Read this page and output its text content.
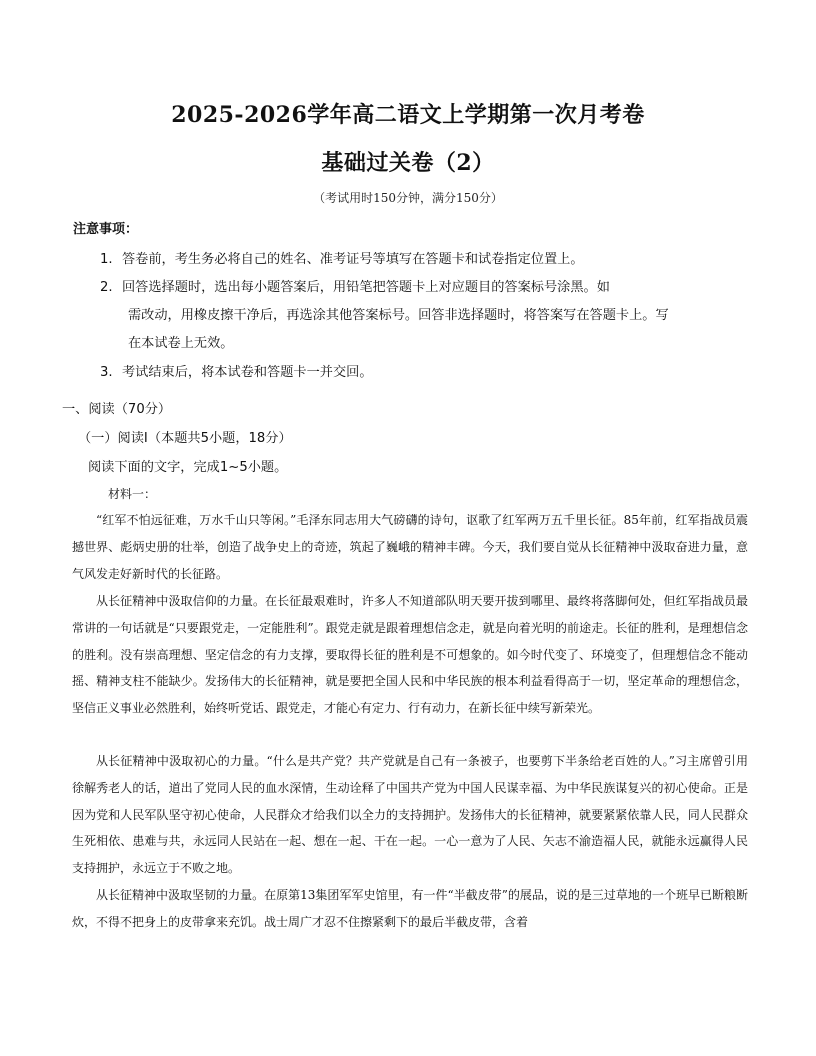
2025-2026学年高二语文上学期第一次月考卷
基础过关卷（2）
（考试用时150分钟，满分150分）
注意事项：
1. 答卷前，考生务必将自己的姓名、准考证号等填写在答题卡和试卷指定位置上。
2. 回答选择题时，选出每小题答案后，用铅笔把答题卡上对应题目的答案标号涂黑。如
需改动，用橡皮擦干净后，再选涂其他答案标号。回答非选择题时，将答案写在答题卡上。写
在本试卷上无效。
3. 考试结束后，将本试卷和答题卡一并交回。
一、阅读（70分）
（一）阅读Ⅰ（本题共5小题，18分）
阅读下面的文字，完成1~5小题。
材料一：
“红军不怕远征难，万水千山只等闲。”毛泽东同志用大气磅礴的诗句，讴歌了红军两万五千里长征。85年前，红军指战员震撼世界、彪炳史册的壮举，创造了战争史上的奇迹，筑起了巍峨的精神丰碑。今天，我们要自觉从长征精神中汲取奋进力量，意气风发走好新时代的长征路。
从长征精神中汲取信仰的力量。在长征最艰难时，许多人不知道部队明天要开拔到哪里、最终将落脚何处，但红军指战员最常讲的一句话就是“只要跟党走，一定能胜利”。跟党走就是跟着理想信念走，就是向着光明的前途走。长征的胜利，是理想信念的胜利。没有崇高理想、坚定信念的有力支撑，要取得长征的胜利是不可想象的。如今时代变了、环境变了，但理想信念不能动摇、精神支柱不能缺少。发扬伟大的长征精神，就是要把全国人民和中华民族的根本利益看得高于一切，坚定革命的理想信念，坚信正义事业必然胜利，始终听党话、跟党走，才能心有定力、行有动力，在新长征中续写新荣光。
从长征精神中汲取初心的力量。“什么是共产党？共产党就是自己有一条被子，也要剪下半条给老百姓的人。”习主席曾引用徐解秀老人的话，道出了党同人民的血水深情，生动诠释了中国共产党为中国人民谋幸福、为中华民族谋复兴的初心使命。正是因为党和人民军队坚守初心使命，人民群众才给我们以全力的支持拥护。发扬伟大的长征精神，就要紧紧依靠人民，同人民群众生死相依、患难与共，永远同人民站在一起、想在一起、干在一起。一心一意为了人民、矢志不渝造福人民，就能永远赢得人民支持拥护，永远立于不败之地。
从长征精神中汲取坚韧的力量。在原第13集团军军史馆里，有一件“半截皮带”的展品，说的是三过草地的一个班早已断粮断炊，不得不把身上的皮带拿来充饥。战士周广才忍不住擦紧剩下的最后半截皮带，含着
